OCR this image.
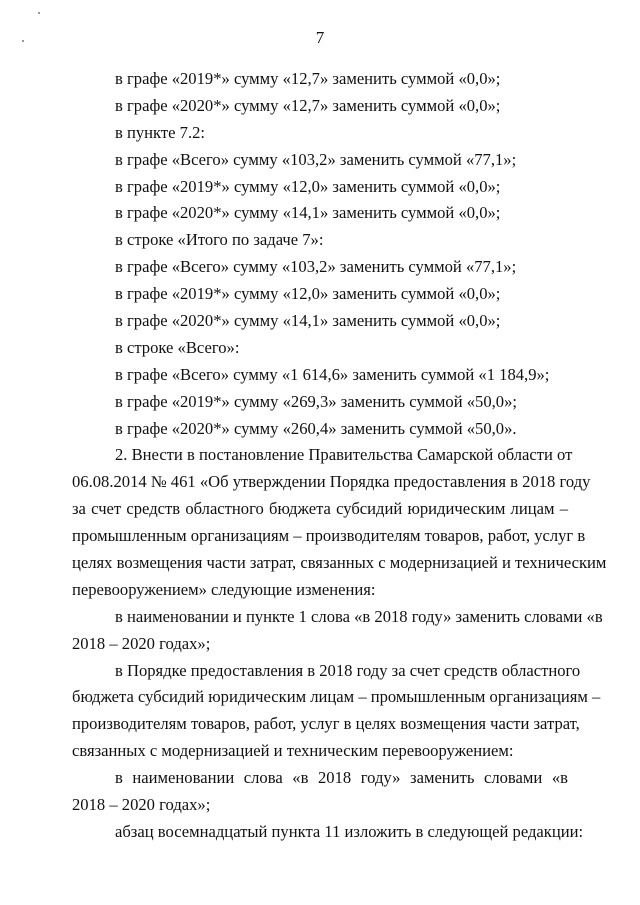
7
в графе «2019*» сумму «12,7» заменить суммой «0,0»;
в графе «2020*» сумму «12,7» заменить суммой «0,0»;
в пункте 7.2:
в графе «Всего» сумму «103,2» заменить суммой «77,1»;
в графе «2019*» сумму «12,0» заменить суммой «0,0»;
в графе «2020*» сумму «14,1» заменить суммой «0,0»;
в строке «Итого по задаче 7»:
в графе «Всего» сумму «103,2» заменить суммой «77,1»;
в графе «2019*» сумму «12,0» заменить суммой «0,0»;
в графе «2020*» сумму «14,1» заменить суммой «0,0»;
в строке «Всего»:
в графе «Всего» сумму «1 614,6» заменить суммой «1 184,9»;
в графе «2019*» сумму «269,3» заменить суммой «50,0»;
в графе «2020*» сумму «260,4» заменить суммой «50,0».
2. Внести в постановление Правительства Самарской области от
06.08.2014 № 461 «Об утверждении Порядка предоставления в 2018 году
за счет средств областного бюджета субсидий юридическим лицам –
промышленным организациям – производителям товаров, работ, услуг в
целях возмещения части затрат, связанных с модернизацией и техническим
перевооружением» следующие изменения:
в наименовании и пункте 1 слова «в 2018 году» заменить словами «в
2018 – 2020 годах»;
в Порядке предоставления в 2018 году за счет средств областного
бюджета субсидий юридическим лицам – промышленным организациям –
производителям товаров, работ, услуг в целях возмещения части затрат,
связанных с модернизацией и техническим перевооружением:
в наименовании слова «в 2018 году» заменить словами «в
2018 – 2020 годах»;
абзац восемнадцатый пункта 11 изложить в следующей редакции:
